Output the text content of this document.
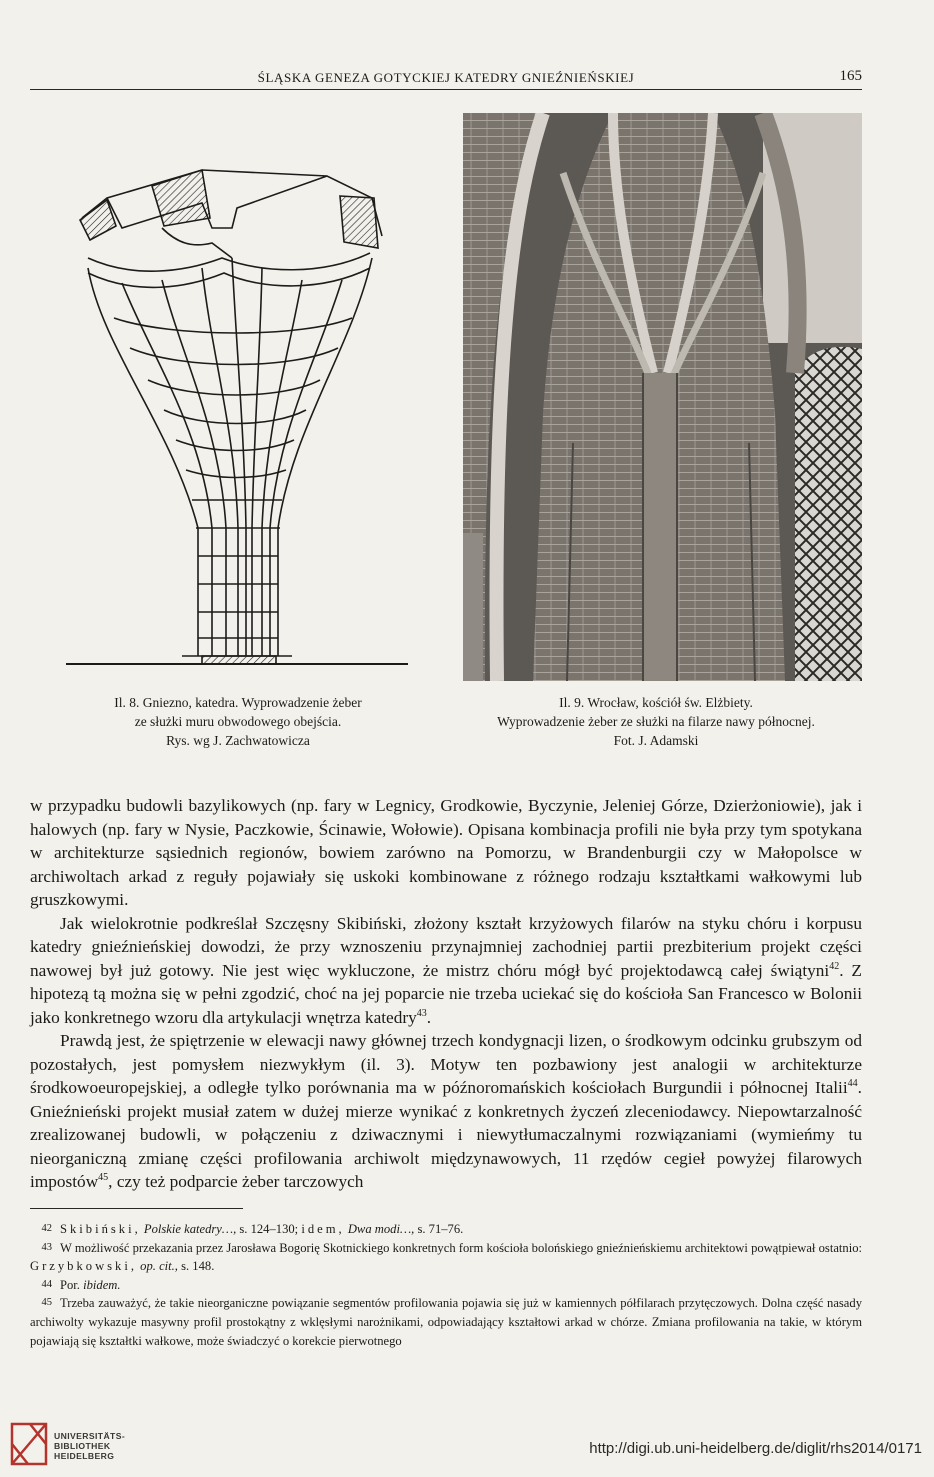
ŚLĄSKA GENEZA GOTYCKIEJ KATEDRY GNIEŹNIEŃSKIEJ	165
Il. 8. Gniezno, katedra. Wyprowadzenie żeber
ze służki muru obwodowego obejścia.
Rys. wg J. Zachwatowicza
Il. 9. Wrocław, kościół św. Elżbiety.
Wyprowadzenie żeber ze służki na filarze nawy północnej.
Fot. J. Adamski

w przypadku budowli bazylikowych (np. fary w Legnicy, Grodkowie, Byczynie, Jeleniej Górze, Dzierżoniowie), jak i halowych (np. fary w Nysie, Paczkowie, Ścinawie, Wołowie). Opisana kombinacja profili nie była przy tym spotykana w architekturze sąsiednich regionów, bowiem zarówno na Pomorzu, w Brandenburgii czy w Małopolsce w archiwoltach arkad z reguły pojawiały się uskoki kombinowane z różnego rodzaju kształtkami wałkowymi lub gruszkowymi.

Jak wielokrotnie podkreślał Szczęsny Skibiński, złożony kształt krzyżowych filarów na styku chóru i korpusu katedry gnieźnieńskiej dowodzi, że przy wznoszeniu przynajmniej zachodniej partii prezbiterium projekt części nawowej był już gotowy. Nie jest więc wykluczone, że mistrz chóru mógł być projektodawcą całej świątyni$^{42}$. Z hipotezą tą można się w pełni zgodzić, choć na jej poparcie nie trzeba uciekać się do kościoła San Francesco w Bolonii jako konkretnego wzoru dla artykulacji wnętrza katedry$^{43}$.

Prawdą jest, że spiętrzenie w elewacji nawy głównej trzech kondygnacji lizen, o środkowym odcinku grubszym od pozostałych, jest pomysłem niezwykłym (il. 3). Motyw ten pozbawiony jest analogii w architekturze środkowoeuropejskiej, a odległe tylko porównania ma w późnoromańskich kościołach Burgundii i północnej Italii$^{44}$. Gnieźnieński projekt musiał zatem w dużej mierze wynikać z konkretnych życzeń zleceniodawcy. Niepowtarzalność zrealizowanej budowli, w połączeniu z dziwacznymi i niewytłumaczalnymi rozwiązaniami (wymieńmy tu nieorganiczną zmianę części profilowania archiwolt międzynawowych, 11 rzędów cegieł powyżej filarowych impostów$^{45}$, czy też podparcie żeber tarczowych

42 Skibiński, Polskie katedry…, s. 124–130; idem, Dwa modi…, s. 71–76.

43 W możliwość przekazania przez Jarosława Bogorię Skotnickiego konkretnych form kościoła bolońskiego gnieźnieńskiemu architektowi powątpiewał ostatnio: Grzybkowski, op. cit., s. 148.

44 Por. ibidem.

45 Trzeba zauważyć, że takie nieorganiczne powiązanie segmentów profilowania pojawia się już w kamiennych półfilarach przytęczowych. Dolna część nasady archiwolty wykazuje masywny profil prostokątny z wklęsłymi narożnikami, odpowiadający kształtowi arkad w chórze. Zmiana profilowania na takie, w którym pojawiają się kształtki wałkowe, może świadczyć o korekcie pierwotnego

UNIVERSITÄTS-
BIBLIOTHEK
HEIDELBERG	http://digi.ub.uni-heidelberg.de/diglit/rhs2014/0171
